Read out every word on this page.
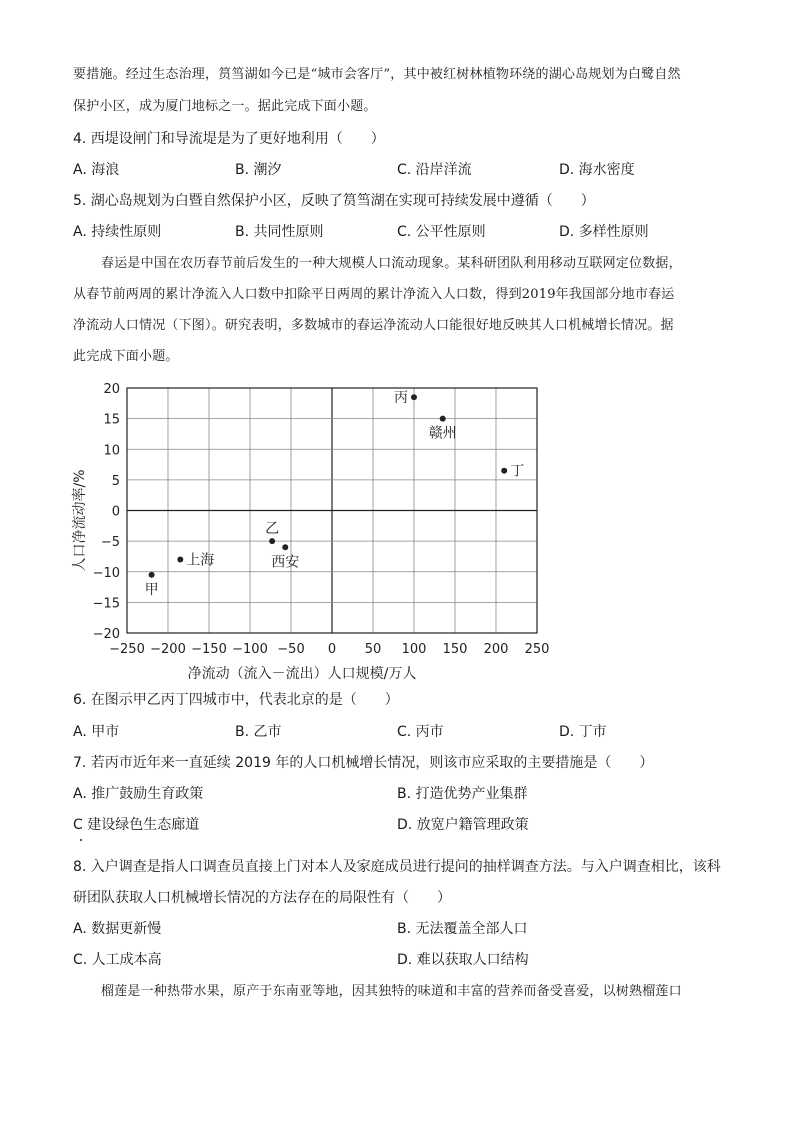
要措施。经过生态治理，筼筜湖如今已是“城市会客厅”，其中被红树林植物环绕的湖心岛规划为白鹭自然
保护小区，成为厦门地标之一。据此完成下面小题。
4. 西堤设闸门和导流堤是为了更好地利用（　　）
A. 海浪	B. 潮汐	C. 沿岸洋流	D. 海水密度
5. 湖心岛规划为白暨自然保护小区，反映了筼筜湖在实现可持续发展中遵循（　　）
A. 持续性原则	B. 共同性原则	C. 公平性原则	D. 多样性原则
春运是中国在农历春节前后发生的一种大规模人口流动现象。某科研团队利用移动互联网定位数据，
从春节前两周的累计净流入人口数中扣除平日两周的累计净流入人口数，得到2019年我国部分地市春运
净流动人口情况（下图）。研究表明，多数城市的春运净流动人口能很好地反映其人口机械增长情况。据
此完成下面小题。
−250 −200 −150 −100 −50 0 50 100 150 200 250
20
15
10
5
0
−5
−10
−15
−20
净流动（流入－流出）人口规模/万人
人口净流动率/%
丙
赣州
丁
乙
西安
上海
甲
6. 在图示甲乙丙丁四城市中，代表北京的是（　　）
A. 甲市	B. 乙市	C. 丙市	D. 丁市
7. 若丙市近年来一直延续 2019 年的人口机械增长情况，则该市应采取的主要措施是（　　）
A. 推广鼓励生育政策	B. 打造优势产业集群
C 建设绿色生态廊道	D. 放宽户籍管理政策
8. 入户调查是指人口调查员直接上门对本人及家庭成员进行提问的抽样调查方法。与入户调查相比，该科
研团队获取人口机械增长情况的方法存在的局限性有（　　）
A. 数据更新慢	B. 无法覆盖全部人口
C. 人工成本高	D. 难以获取人口结构
榴莲是一种热带水果，原产于东南亚等地，因其独特的味道和丰富的营养而备受喜爱，以树熟榴莲口
